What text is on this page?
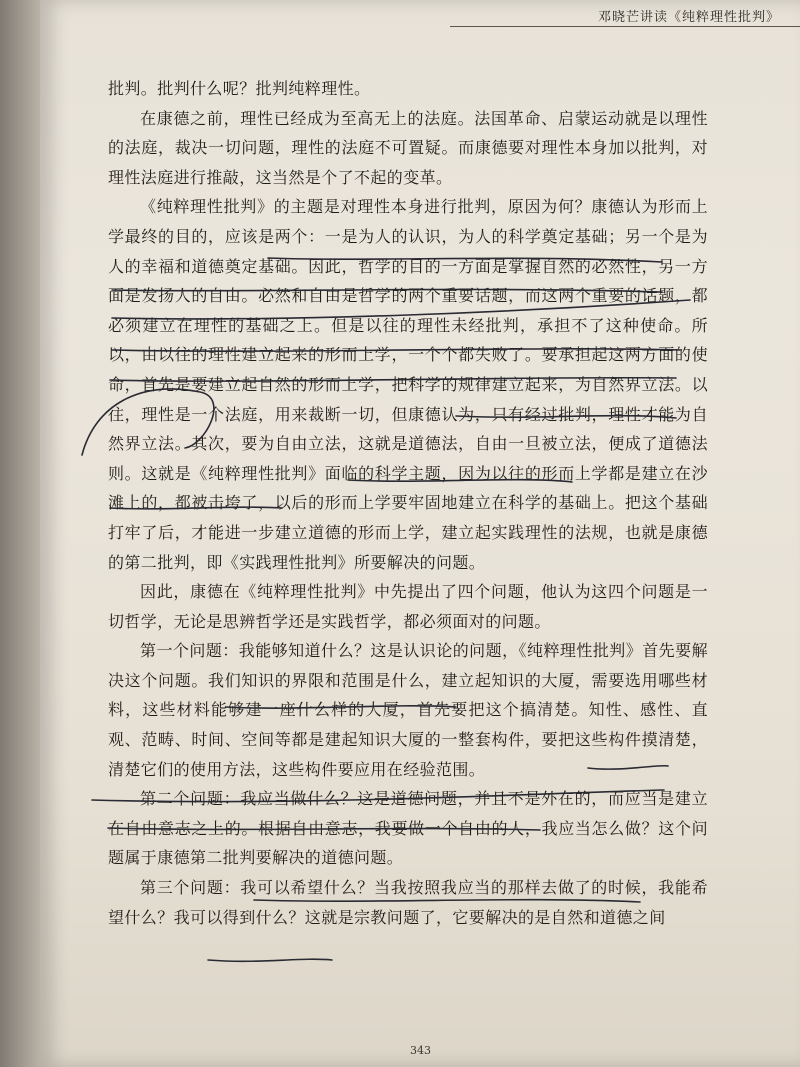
邓晓芒讲读《纯粹理性批判》

批判。批判什么呢？批判纯粹理性。

在康德之前，理性已经成为至高无上的法庭。法国革命、启蒙运动就是以理性的法庭，裁决一切问题，理性的法庭不可置疑。而康德要对理性本身加以批判，对理性法庭进行推敲，这当然是个了不起的变革。

《纯粹理性批判》的主题是对理性本身进行批判，原因为何？康德认为形而上学最终的目的，应该是两个：一是为人的认识，为人的科学奠定基础；另一个是为人的幸福和道德奠定基础。因此，哲学的目的一方面是掌握自然的必然性，另一方面是发扬人的自由。必然和自由是哲学的两个重要话题，而这两个重要的话题，都必须建立在理性的基础之上。但是以往的理性未经批判，承担不了这种使命。所以，由以往的理性建立起来的形而上学，一个个都失败了。要承担起这两方面的使命，首先是要建立起自然的形而上学，把科学的规律建立起来，为自然界立法。以往，理性是一个法庭，用来裁断一切，但康德认为，只有经过批判，理性才能为自然界立法。其次，要为自由立法，这就是道德法，自由一旦被立法，便成了道德法则。这就是《纯粹理性批判》面临的科学主题，因为以往的形而上学都是建立在沙滩上的，都被击垮了，以后的形而上学要牢固地建立在科学的基础上。把这个基础打牢了后，才能进一步建立道德的形而上学，建立起实践理性的法规，也就是康德的第二批判，即《实践理性批判》所要解决的问题。

因此，康德在《纯粹理性批判》中先提出了四个问题，他认为这四个问题是一切哲学，无论是思辨哲学还是实践哲学，都必须面对的问题。

第一个问题：我能够知道什么？这是认识论的问题，《纯粹理性批判》首先要解决这个问题。我们知识的界限和范围是什么，建立起知识的大厦，需要选用哪些材料，这些材料能够建一座什么样的大厦，首先要把这个搞清楚。知性、感性、直观、范畴、时间、空间等都是建起知识大厦的一整套构件，要把这些构件摸清楚，清楚它们的使用方法，这些构件要应用在经验范围。

第二个问题：我应当做什么？这是道德问题，并且不是外在的，而应当是建立在自由意志之上的。根据自由意志，我要做一个自由的人，我应当怎么做？这个问题属于康德第二批判要解决的道德问题。

第三个问题：我可以希望什么？当我按照我应当的那样去做了的时候，我能希望什么？我可以得到什么？这就是宗教问题了，它要解决的是自然和道德之间

343
